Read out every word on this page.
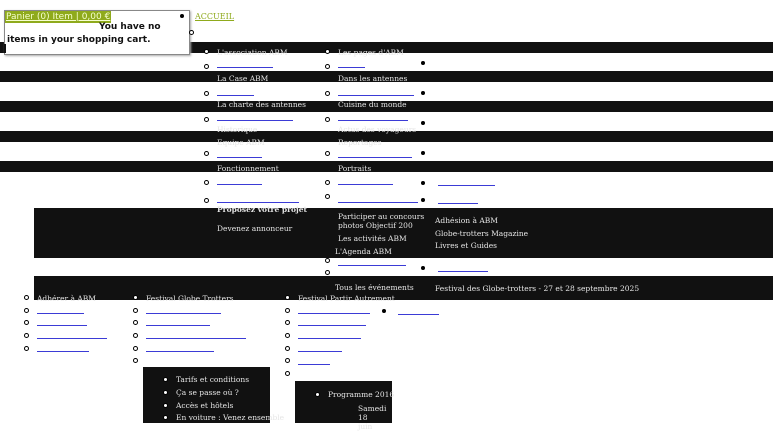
Panier (0) Item | 0,00 €
You have no items in your shopping cart.
ACCUEIL
L'association ABM
La Case ABM
La charte des antennes
Historique
Equipe ABM
Fonctionnement
Proposez votre projet
Devenez annonceur
Les pages d'ABM
Dans les antennes
Cuisine du monde
Actus des voyageurs
Reportages
Portraits
Participer au concours photos Objectif 200
Les activités ABM
L'Agenda ABM
Tous les événements
Adhésion à ABM
Globe-trotters Magazine
Livres et Guides
Festival des Globe-trotters - 27 et 28 septembre 2025
Adhérer à ABM	Festival Globe Trotters	Festival Partir Autrement
Tarifs et conditions
Ça se passe où ?
Accès et hôtels
En voiture : Venez ensemble
Programme 2016
Samedi 18 juin
